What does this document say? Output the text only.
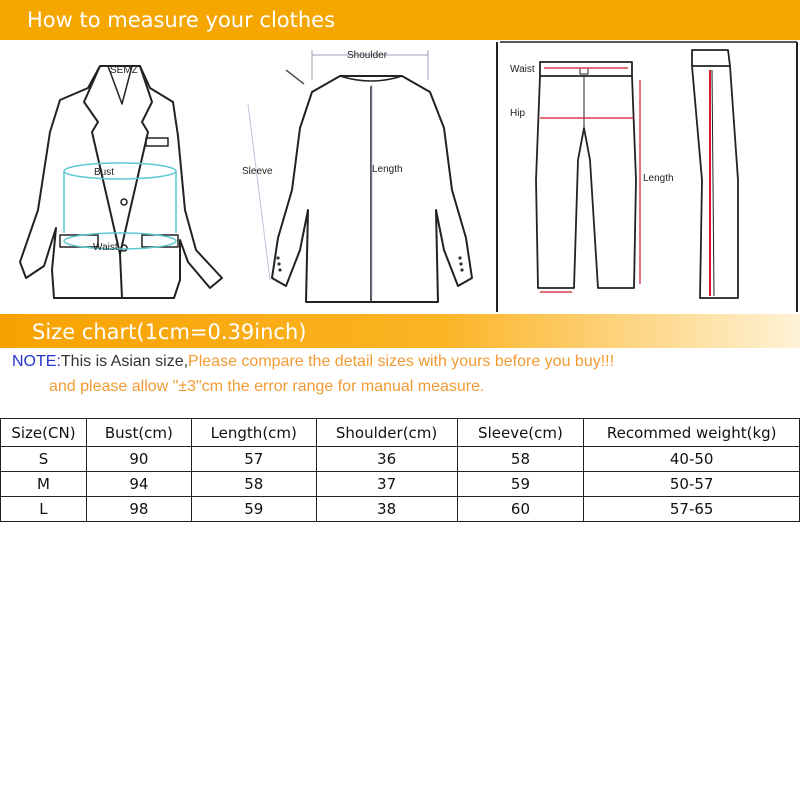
How to measure your clothes
SEMZ
Bust
Waist
Shoulder
Sleeve	Length
Waist
Hip
Length
Size chart(1cm=0.39inch)
NOTE:This is Asian size,Please compare the detail sizes with yours before you buy!!!
and please allow "±3"cm the error range for manual measure.
Size(CN)	Bust(cm)	Length(cm)	Shoulder(cm)	Sleeve(cm)	Recommed weight(kg)
S	90	57	36	58	40-50
M	94	58	37	59	50-57
L	98	59	38	60	57-65
